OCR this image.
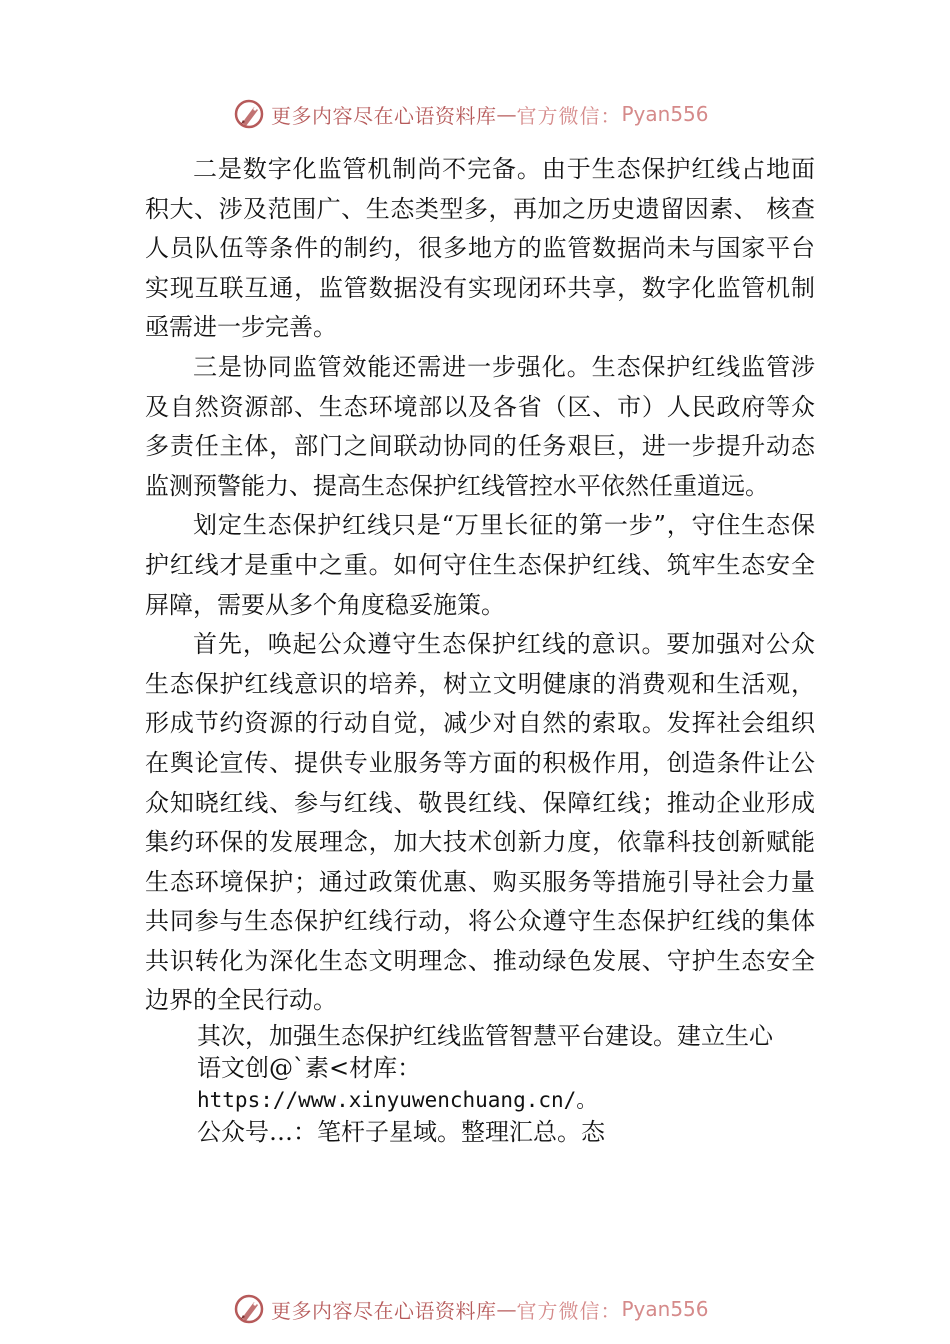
更多内容尽在心语资料库 — 官方微信： Pyan556

二是数字化监管机制尚不完备。由于生态保护红线占地面积大、涉及范围广、生态类型多，再加之历史遗留因素、 核查人员队伍等条件的制约，很多地方的监管数据尚未与国家平台实现互联互通，监管数据没有实现闭环共享，数字化监管机制亟需进一步完善。

三是协同监管效能还需进一步强化。生态保护红线监管涉及自然资源部、生态环境部以及各省（区、市）人民政府等众多责任主体，部门之间联动协同的任务艰巨，进一步提升动态监测预警能力、提高生态保护红线管控水平依然任重道远。

划定生态保护红线只是“万里长征的第一步”，守住生态保护红线才是重中之重。如何守住生态保护红线、筑牢生态安全屏障，需要从多个角度稳妥施策。

首先，唤起公众遵守生态保护红线的意识。要加强对公众生态保护红线意识的培养，树立文明健康的消费观和生活观，形成节约资源的行动自觉，减少对自然的索取。发挥社会组织在舆论宣传、提供专业服务等方面的积极作用，创造条件让公众知晓红线、参与红线、敬畏红线、保障红线；推动企业形成集约环保的发展理念，加大技术创新力度，依靠科技创新赋能生态环境保护；通过政策优惠、购买服务等措施引导社会力量共同参与生态保护红线行动，将公众遵守生态保护红线的集体共识转化为深化生态文明理念、推动绿色发展、守护生态安全边界的全民行动。

其次，加强生态保护红线监管智慧平台建设。建立生心
语文创@`素<材库：https://www.xinyuwenchuang.cn/。
公众号…：笔杆子星域。整理汇总。态
更多内容尽在心语资料库 — 官方微信： Pyan556
